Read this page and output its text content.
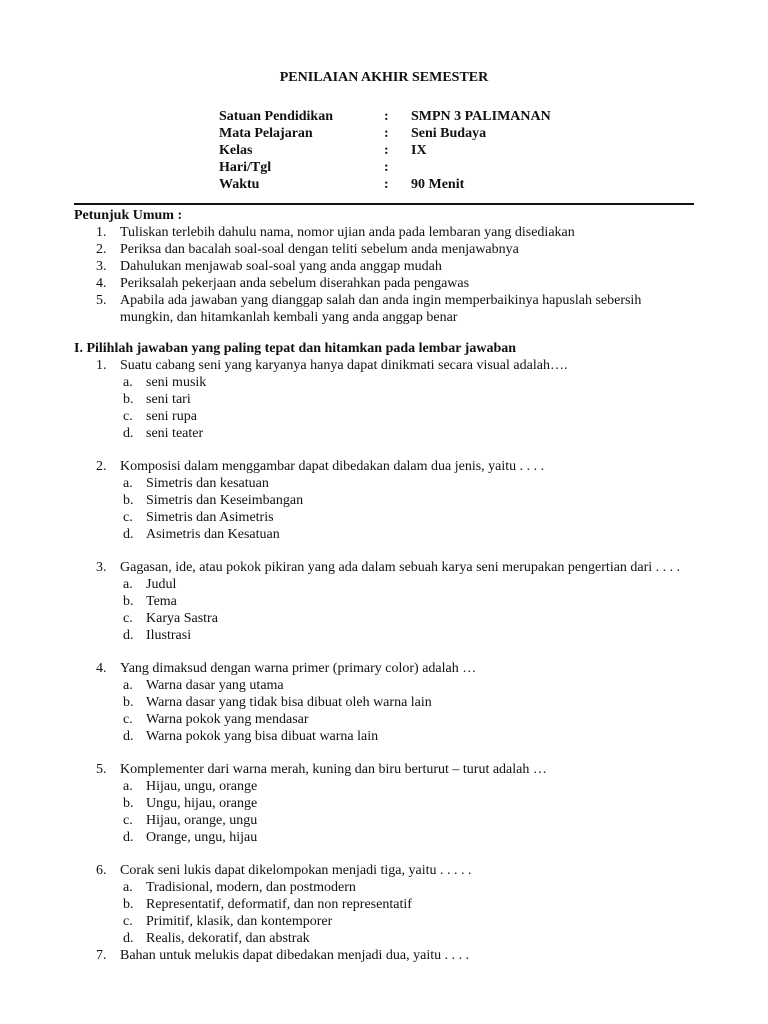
PENILAIAN AKHIR SEMESTER
Satuan Pendidikan	: SMPN 3 PALIMANAN
Mata Pelajaran	: Seni Budaya
Kelas	: IX
Hari/Tgl	:
Waktu	: 90 Menit
Petunjuk Umum :
1. Tuliskan terlebih dahulu nama, nomor ujian anda pada lembaran yang disediakan
2. Periksa dan bacalah soal-soal dengan teliti sebelum anda menjawabnya
3. Dahulukan menjawab soal-soal yang anda anggap mudah
4. Periksalah pekerjaan anda sebelum diserahkan pada pengawas
5. Apabila ada jawaban yang dianggap salah dan anda ingin memperbaikinya hapuslah sebersih mungkin, dan hitamkanlah kembali yang anda anggap benar
I. Pilihlah jawaban yang paling tepat dan hitamkan pada lembar jawaban
1. Suatu cabang seni yang karyanya hanya dapat dinikmati secara visual adalah….
a. seni musik
b. seni tari
c. seni rupa
d. seni teater
2. Komposisi dalam menggambar dapat dibedakan dalam dua jenis, yaitu . . . .
a. Simetris dan kesatuan
b. Simetris dan Keseimbangan
c. Simetris dan Asimetris
d. Asimetris dan Kesatuan
3. Gagasan, ide, atau pokok pikiran yang ada dalam sebuah karya seni merupakan pengertian dari . . . .
a. Judul
b. Tema
c. Karya Sastra
d. Ilustrasi
4. Yang dimaksud dengan warna primer (primary color) adalah …
a. Warna dasar yang utama
b. Warna dasar yang tidak bisa dibuat oleh warna lain
c. Warna pokok yang mendasar
d. Warna pokok yang bisa dibuat warna lain
5. Komplementer dari warna merah, kuning dan biru berturut – turut adalah …
a. Hijau, ungu, orange
b. Ungu, hijau, orange
c. Hijau, orange, ungu
d. Orange, ungu, hijau
6. Corak seni lukis dapat dikelompokan menjadi tiga, yaitu . . . . .
a. Tradisional, modern, dan postmodern
b. Representatif, deformatif, dan non representatif
c. Primitif, klasik, dan kontemporer
d. Realis, dekoratif, dan abstrak
7. Bahan untuk melukis dapat dibedakan menjadi dua, yaitu . . . .
